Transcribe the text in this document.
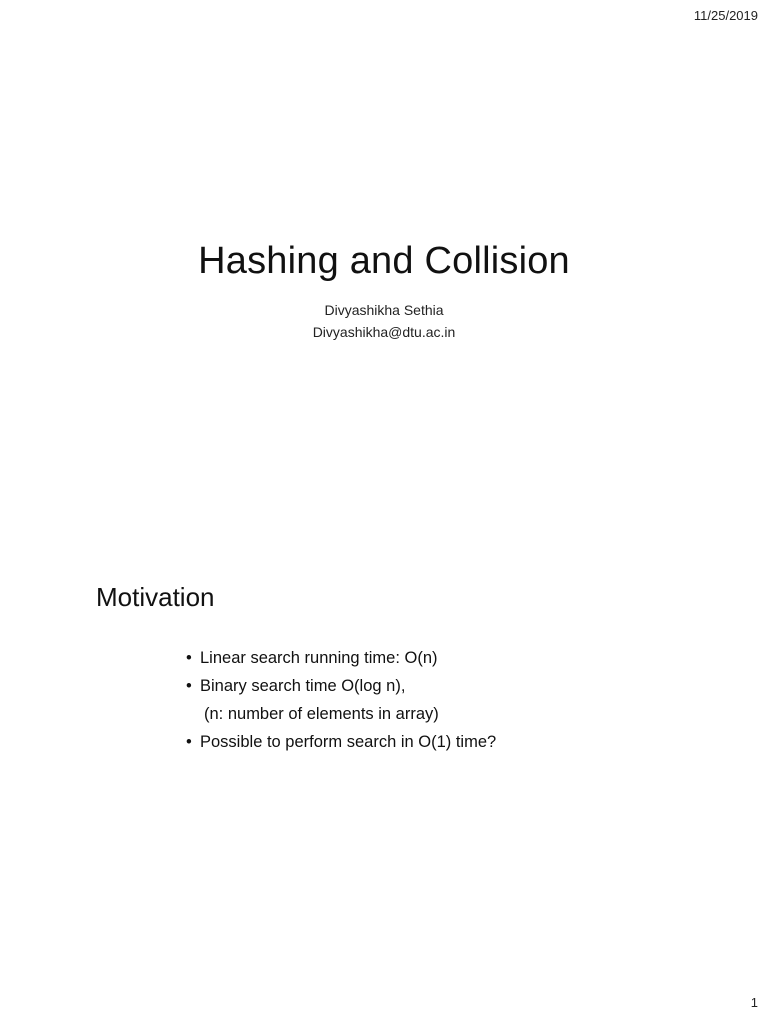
11/25/2019
Hashing and Collision
Divyashikha Sethia
Divyashikha@dtu.ac.in
Motivation
• Linear search running time: O(n)
• Binary search time O(log n),
(n: number of elements in array)
• Possible to perform search in O(1) time?
1
